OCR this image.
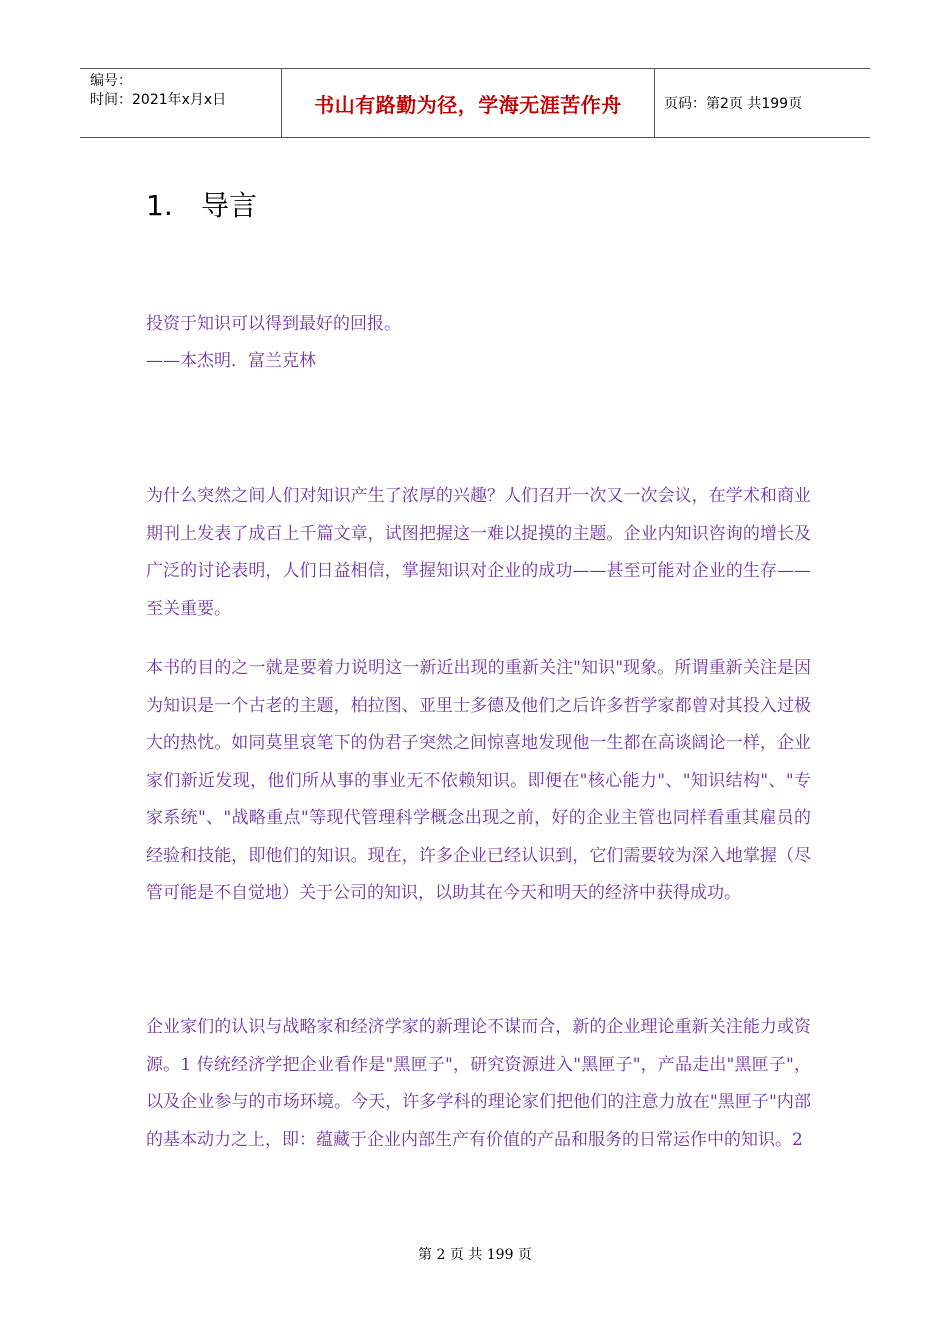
编号：
时间：2021年x月x日	书山有路勤为径，学海无涯苦作舟	页码：第2页 共199页
1. 导言

投资于知识可以得到最好的回报。

——本杰明．富兰克林

为什么突然之间人们对知识产生了浓厚的兴趣？人们召开一次又一次会议，在学术和商业期刊上发表了成百上千篇文章，试图把握这一难以捉摸的主题。企业内知识咨询的增长及广泛的讨论表明，人们日益相信，掌握知识对企业的成功——甚至可能对企业的生存——至关重要。

本书的目的之一就是要着力说明这一新近出现的重新关注"知识"现象。所谓重新关注是因为知识是一个古老的主题，柏拉图、亚里士多德及他们之后许多哲学家都曾对其投入过极大的热忱。如同莫里哀笔下的伪君子突然之间惊喜地发现他一生都在高谈阔论一样，企业家们新近发现，他们所从事的事业无不依赖知识。即便在"核心能力"、"知识结构"、"专家系统"、"战略重点"等现代管理科学概念出现之前，好的企业主管也同样看重其雇员的经验和技能，即他们的知识。现在，许多企业已经认识到，它们需要较为深入地掌握（尽管可能是不自觉地）关于公司的知识，以助其在今天和明天的经济中获得成功。

企业家们的认识与战略家和经济学家的新理论不谋而合，新的企业理论重新关注能力或资源。1 传统经济学把企业看作是"黑匣子"，研究资源进入"黑匣子"，产品走出"黑匣子"，以及企业参与的市场环境。今天，许多学科的理论家们把他们的注意力放在"黑匣子"内部的基本动力之上，即：蕴藏于企业内部生产有价值的产品和服务的日常运作中的知识。2

第 2 页 共 199 页
